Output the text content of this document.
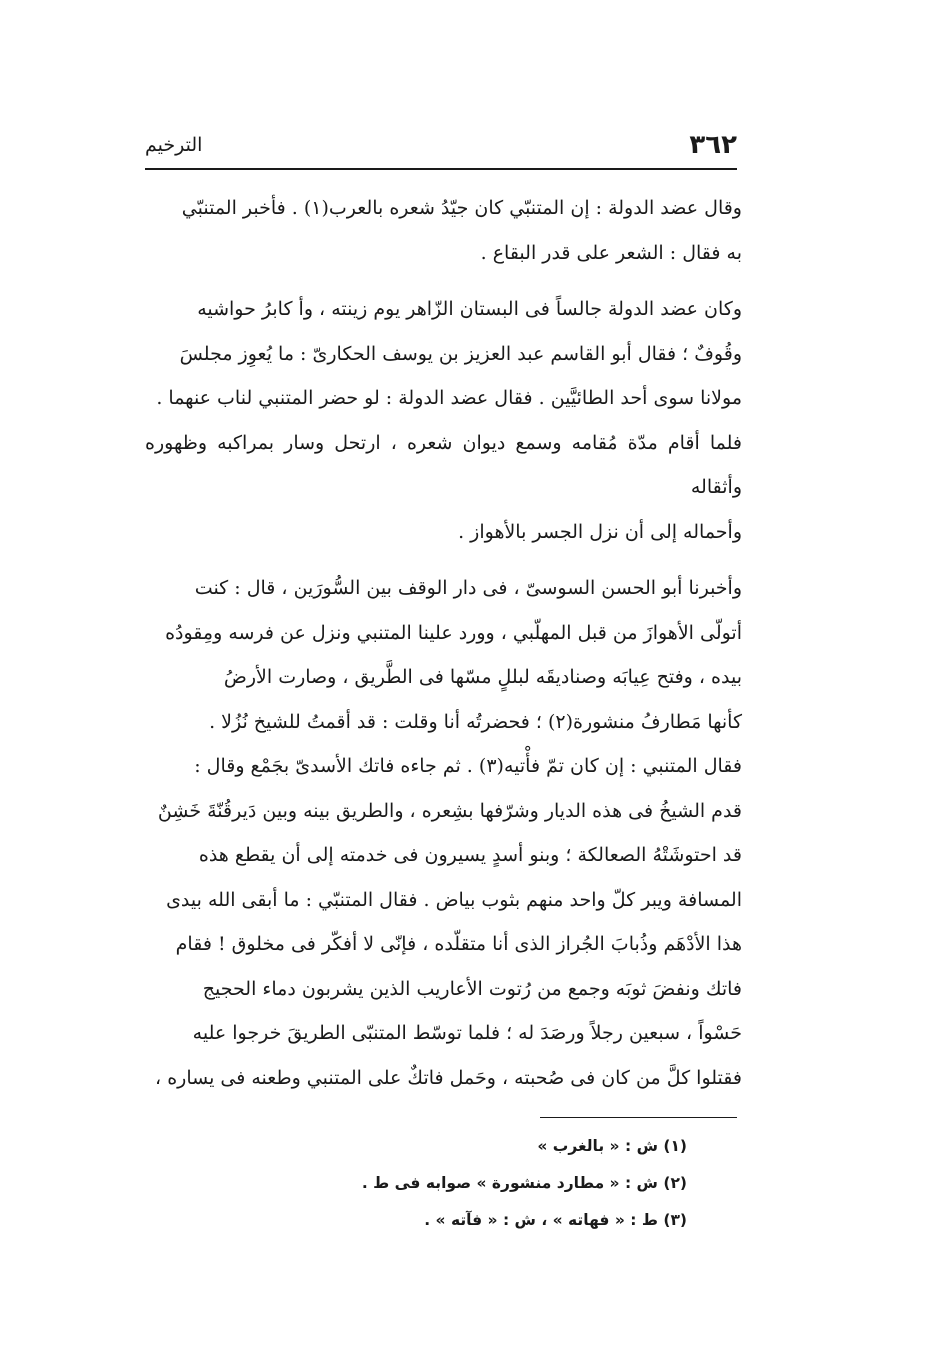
٣٦٢
الترخيم

وقال عضد الدولة : إن المتنبّي كان جيّدُ شعره بالعرب(١) . فأخبر المتنبّي

به فقال : الشعر على قدر البقاع .

وكان عضد الدولة جالساً فى البستان الزّاهر يوم زينته ، وأ كابرُ حواشيه

وقُوفٌ ؛ فقال أبو القاسم عبد العزيز بن يوسف الحكارىّ : ما يُعوِز مجلسَ

مولانا سوى أحد الطائيَّين . فقال عضد الدولة : لو حضر المتنبي لناب عنهما .

فلما أقام مدّة مُقامه وسمع ديوان شعره ، ارتحل وسار بمراكبه وظهوره وأثقاله

وأحماله إلى أن نزل الجسر بالأهواز .

وأخبرنا أبو الحسن السوسىّ ، فى دار الوقف بين السُّورَين ، قال : كنت

أتولّى الأهوازَ من قبل المهلّبي ، وورد علينا المتنبي ونزل عن فرسه ومِقودُه

بيده ، وفتح عِيابَه وصناديقَه لبللٍ مسّها فى الطَّريق ، وصارت الأرضُ

كأنها مَطارفُ منشورة(٢) ؛ فحضرتُه أنا وقلت : قد أقمتُ للشيخ نُزُلا .

فقال المتنبي : إن كان تمّ فأْتيه(٣) . ثم جاءه فاتك الأسدىّ بجَمْع وقال :

قدم الشيخُ فى هذه الديار وشرّفها بشِعره ، والطريق بينه وبين دَيرقُنّةَ خَشِنٌ

قد احتوشَتْهُ الصعالكة ؛ وبنو أسدٍ يسيرون فى خدمته إلى أن يقطع هذه

المسافة ويبر كلّ واحد منهم بثوب بياض . فقال المتنبّي : ما أبقى الله بيدى

هذا الأدْهَم وذُبابَ الجُراز الذى أنا متقلّده ، فإنّى لا أفكّر فى مخلوق ! فقام

فاتك ونفضَ ثوبَه وجمع من رُتوت الأعاريب الذين يشربون دماء الحجيج

حَسْواً ، سبعين رجلاً ورصَدَ له ؛ فلما توسّط المتنبّى الطريقَ خرجوا عليه

فقتلوا كلَّ من كان فى صُحبته ، وحَمل فاتكٌ على المتنبي وطعنه فى يساره ،

(١) ش : « بالغرب »
(٢) ش : « مطارد منشورة » صوابه فى ط .
(٣) ط : « فهاته » ، ش : « فآته » .
